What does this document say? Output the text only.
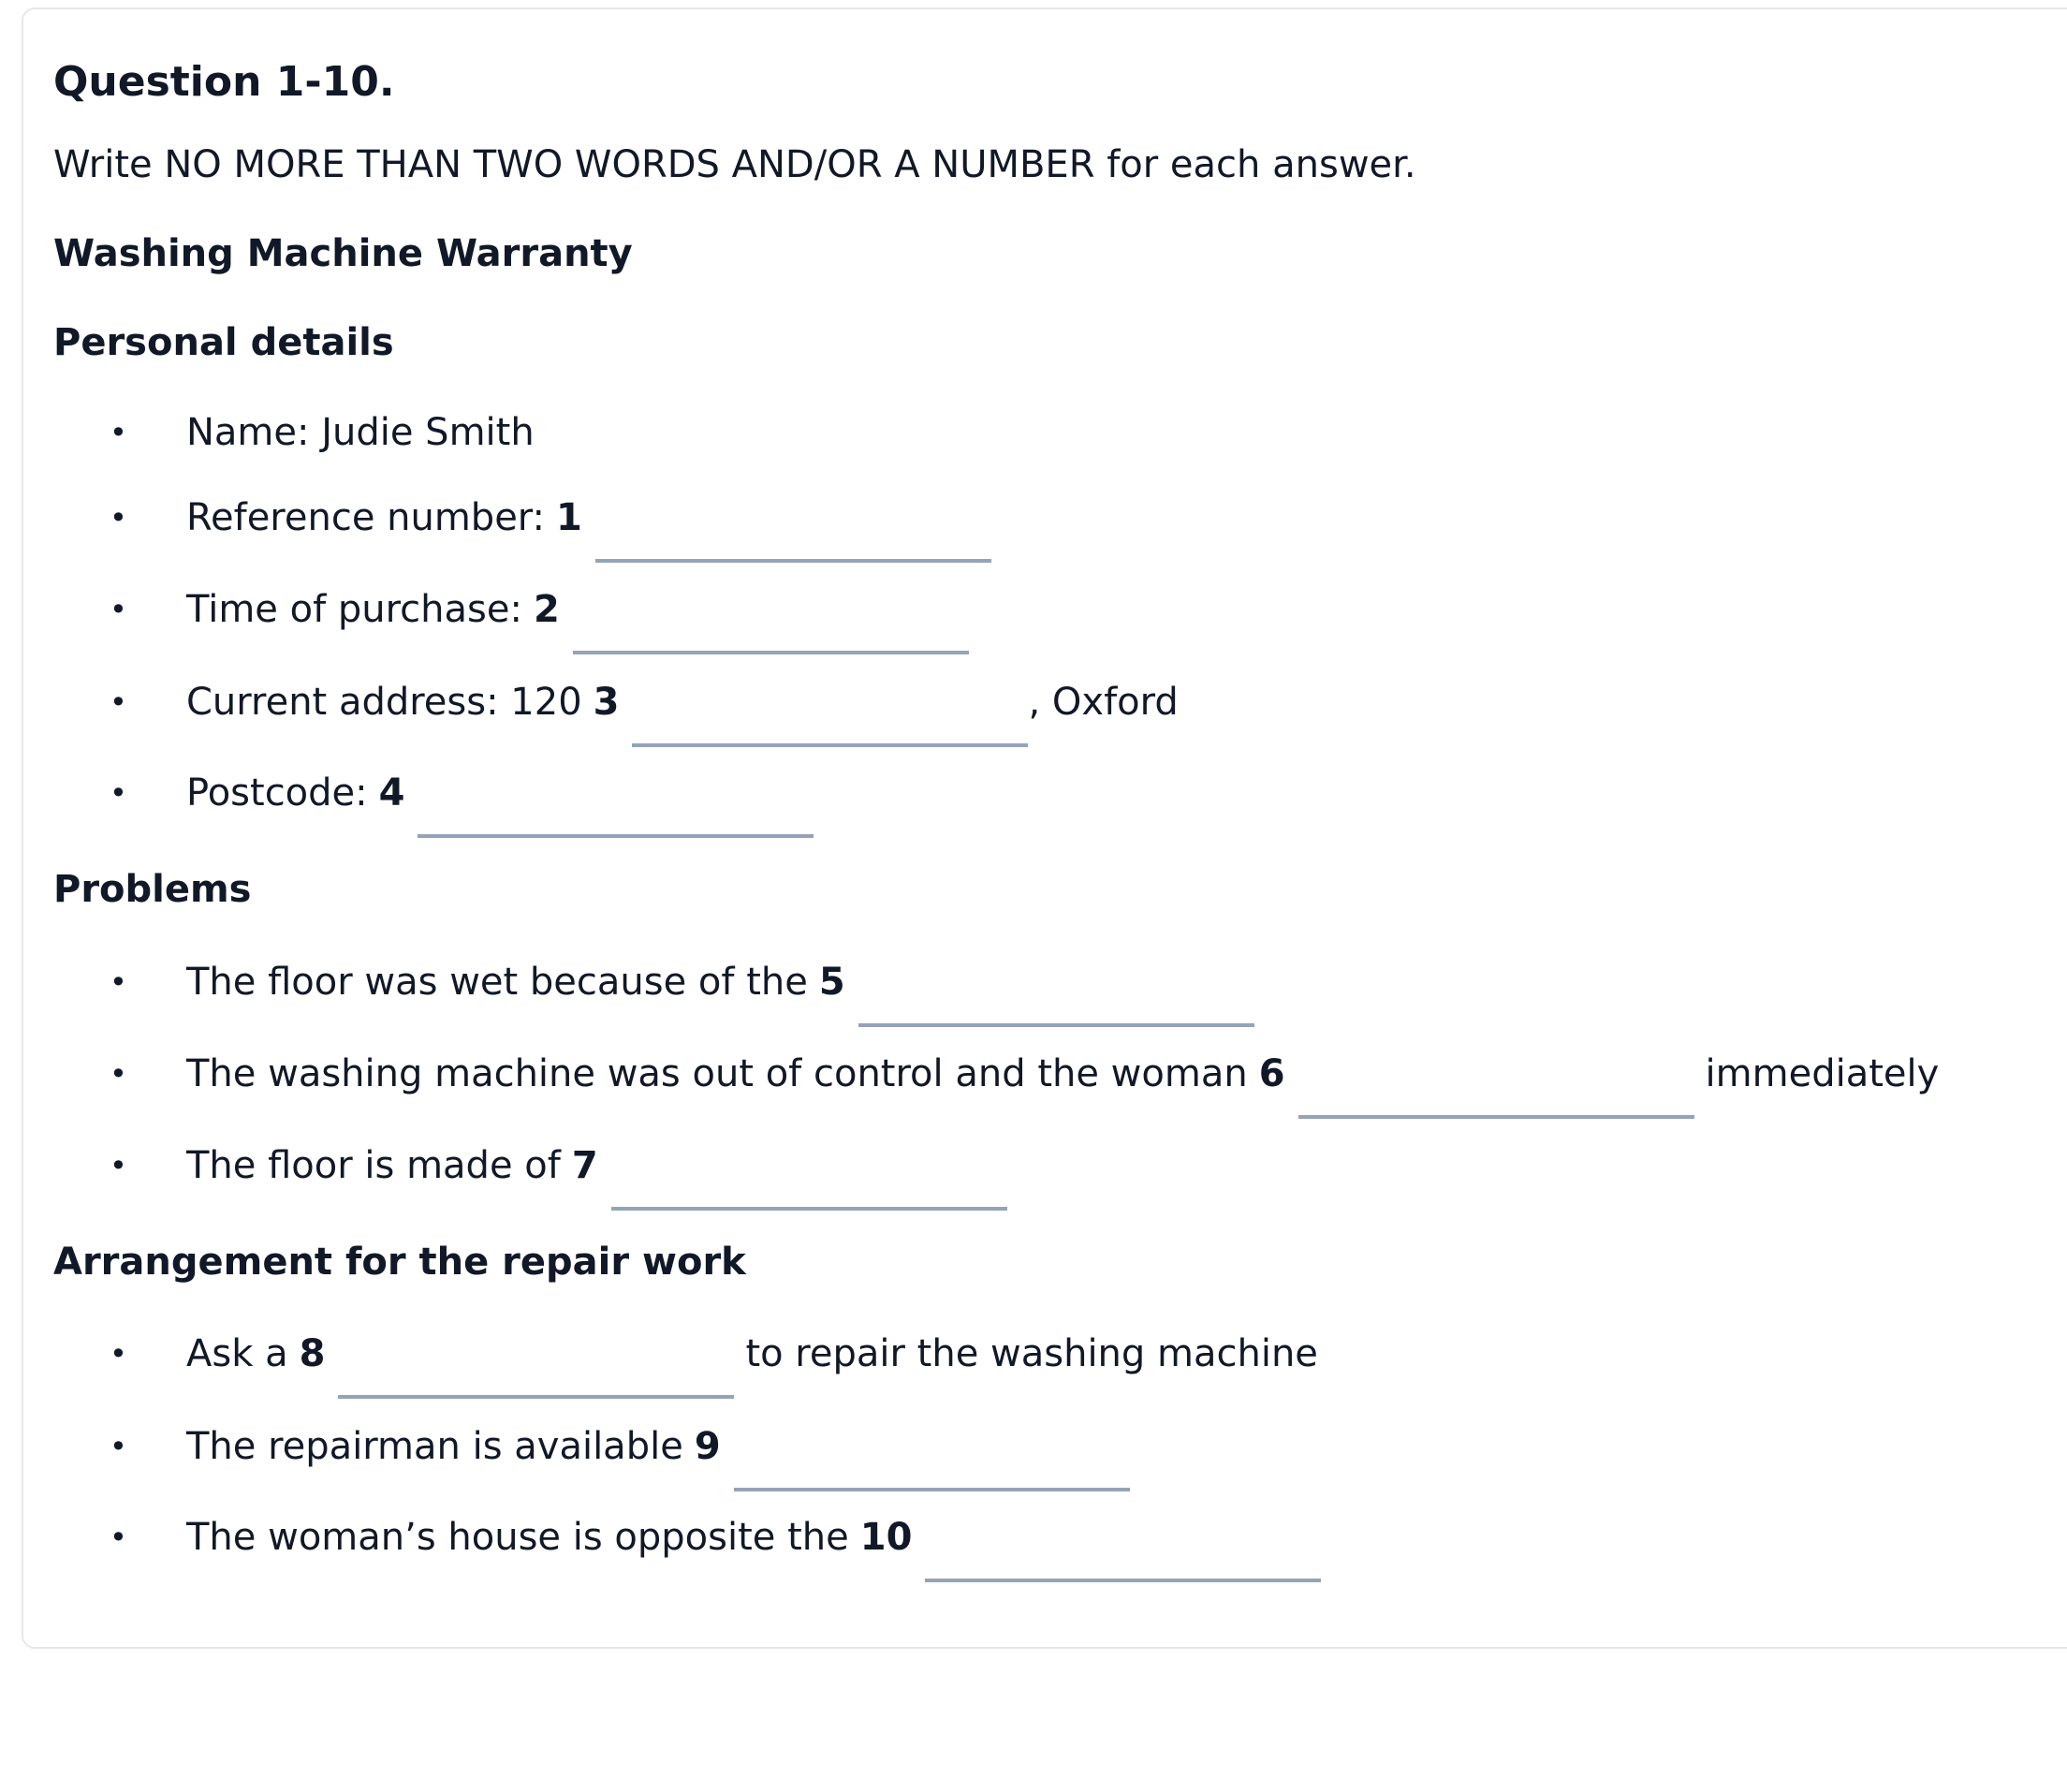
Question 1-10.

Write NO MORE THAN TWO WORDS AND/OR A NUMBER for each answer.

Washing Machine Warranty
Personal details
• Name: Judie Smith
• Reference number: 1
• Time of purchase: 2
• Current address: 120 3	, Oxford
• Postcode: 4
Problems
• The floor was wet because of the 5
• The washing machine was out of control and the woman 6	immediately
• The floor is made of 7
Arrangement for the repair work
• Ask a 8	to repair the washing machine
• The repairman is available 9
• The woman’s house is opposite the 10
